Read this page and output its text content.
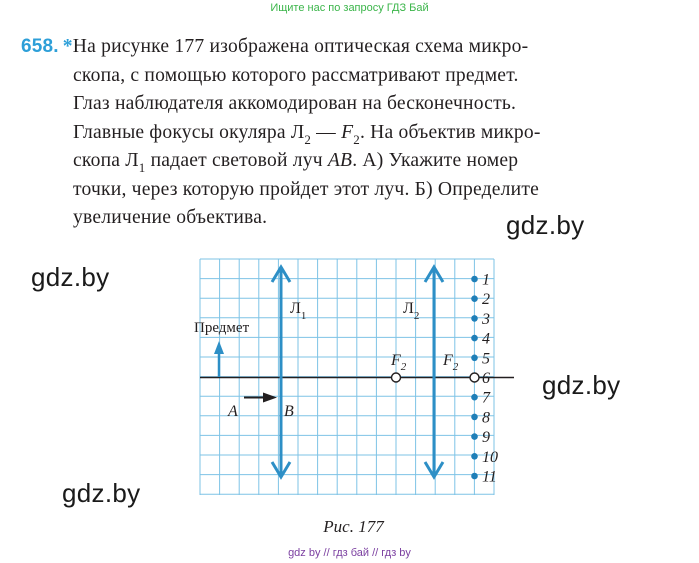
Ищите нас по запросу ГДЗ Бай
658. *На рисунке 177 изображена оптическая схема микро-
скопа, с помощью которого рассматривают предмет.
Глаз наблюдателя аккомодирован на бесконечность.
Главные фокусы окуляра $Л_2$ — $F_2$. На объектив микро-
скопа $Л_1$ падает световой луч AB. А) Укажите номер
точки, через которую пройдет этот луч. Б) Определите
увеличение объектива.	gdz.by
gdz.by
gdz.by
gdz.by
$Л_1$	$Л_2$
Предмет
$F_2$ $F_2$
A	B
1
2
3
4
5
6
7
8
9
10
11
Рис. 177
gdz by // гдз бай // гдз by
